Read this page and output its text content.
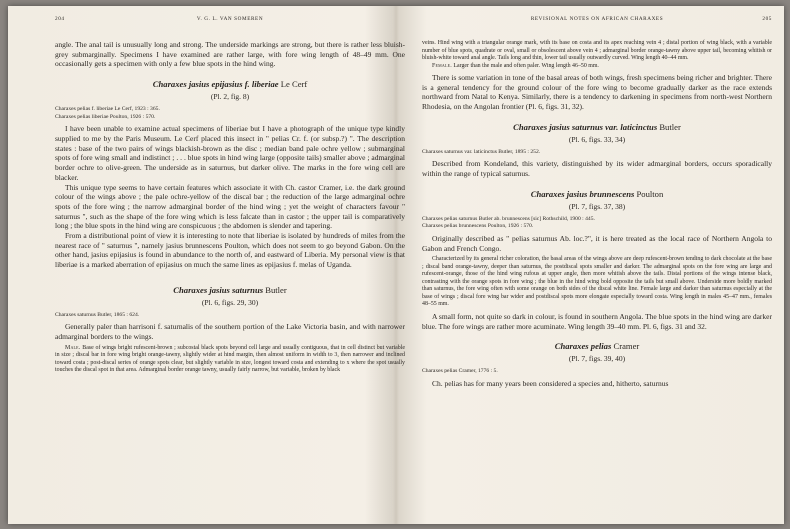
204	V. G. L. VAN SOMEREN

angle. The anal tail is unusually long and strong. The underside markings are strong, but there is rather less bluish-grey submarginally. Specimens I have examined are rather large, with fore wing length of 48–49 mm. One occasionally gets a specimen with only a few blue spots in the hind wing.

Charaxes jasius epijasius f. liberiae Le Cerf
(Pl. 2, fig. 8)

Charaxes pelias f. liberiae Le Cerf, 1923 : 365.

Charaxes pelias liberiae Poulton, 1926 : 570.

I have been unable to examine actual specimens of liberiae but I have a photograph of the unique type kindly supplied to me by the Paris Museum. Le Cerf placed this insect in " pelias Cr. f. (or subsp.?) ". The description states : base of the two pairs of wings blackish-brown as the disc ; median band pale ochre yellow ; submarginal spots of fore wing small and indistinct ; . . . blue spots in hind wing large (opposite tails) smaller above ; admarginal border ochre to olive-green. The underside as in saturnus, but darker olive. The marks in the fore wing cell are blacker.

This unique type seems to have certain features which associate it with Ch. castor Cramer, i.e. the dark ground colour of the wings above ; the pale ochre-yellow of the discal bar ; the reduction of the large admarginal ochre spots of the fore wing ; the narrow admarginal border of the hind wing ; yet the weight of characters favour " saturnus ", such as the shape of the fore wing which is less falcate than in castor ; the upper tail is comparatively long ; the blue spots in the hind wing are conspicuous ; the abdomen is slender and tapering.

From a distributional point of view it is interesting to note that liberiae is isolated by hundreds of miles from the nearest race of " saturnus ", namely jasius brunnescens Poulton, which does not seem to go beyond Gabon. On the other hand, jasius epijasius is found in abundance to the north of, and eastward of Liberia. My personal view is that liberiae is a marked aberration of epijasius on much the same lines as epijasius f. melas of Uganda.

Charaxes jasius saturnus Butler
(Pl. 6, figs. 29, 30)

Charaxes saturnus Butler, 1865 : 624.

Generally paler than harrisoni f. saturnalis of the southern portion of the Lake Victoria basin, and with narrower admarginal borders to the wings.

Male. Base of wings bright rufescent-brown ; subcostal black spots beyond cell large and usually contiguous, that in cell distinct but variable in size ; discal bar in fore wing bright orange-tawny, slightly wider at hind margin, then almost uniform in width to 3, then narrower and inclined toward costa ; post-discal series of orange spots clear, but slightly variable in size, longest toward costa and extending to x where the spot usually touches the discal spot in that area. Admarginal border orange tawny, usually fairly narrow, but variable, broken by black

REVISIONAL NOTES ON AFRICAN CHARAXES	205

veins. Hind wing with a triangular orange mark, with its base on costa and its apex reaching vein 4 ; distal portion of wing black, with a variable number of blue spots, quadrate or oval, small or obsolescent above vein 4 ; admarginal border orange-tawny above upper tail, becoming whitish or bluish-white toward anal angle. Tails long and thin, lower tail usually outwardly curved. Wing length 40–44 mm.

Female. Larger than the male and often paler. Wing length 46–50 mm.

There is some variation in tone of the basal areas of both wings, fresh specimens being richer and brighter. There is a general tendency for the ground colour of the fore wing to become gradually darker as the race extends northward from Natal to Kenya. Similarly, there is a tendency to darkening in specimens from north-west Northern Rhodesia, on the Angolan frontier (Pl. 6, figs. 31, 32).

Charaxes jasius saturnus var. laticinctus Butler
(Pl. 6, figs. 33, 34)

Charaxes saturnus var. laticinctus Butler, 1895 : 252.

Described from Kondeland, this variety, distinguished by its wider admarginal borders, occurs sporadically within the range of typical saturnus.

Charaxes jasius brunnescens Poulton
(Pl. 7, figs. 37, 38)

Charaxes pelias saturnus Butler ab. brunnescens [sic] Rothschild, 1900 : 445.

Charaxes pelias brunnescens Poulton, 1926 : 570.

Originally described as " pelias saturnus Ab. loc.?", it is here treated as the local race of Northern Angola to Gabon and French Congo.

Characterized by its general richer coloration, the basal areas of the wings above are deep rufescent-brown tending to dark chocolate at the base ; discal band orange-tawny, deeper than saturnus, the postdiscal spots smaller and darker. The admarginal spots on the fore wing are large and rufescent-orange, those of the hind wing rufous at upper angle, then more whitish above the tails. Distal portions of the wings intense black, contrasting with the orange spots in fore wing ; the blue in the hind wing bold opposite the tails but small above. Underside more boldly marked than saturnus, the fore wing often with some orange on both sides of the discal white line. Female large and darker than saturnus especially at the base of wings ; discal fore wing bar wider and postdiscal spots more elongate especially toward costa. Wing length in males 45–47 mm., females 48–55 mm.

A small form, not quite so dark in colour, is found in southern Angola. The blue spots in the hind wing are darker blue. The fore wings are rather more acuminate. Wing length 39–40 mm. Pl. 6, figs. 31 and 32.

Charaxes pelias Cramer
(Pl. 7, figs. 39, 40)

Charaxes pelias Cramer, 1776 : 5.

Ch. pelias has for many years been considered a species and, hitherto, saturnus
